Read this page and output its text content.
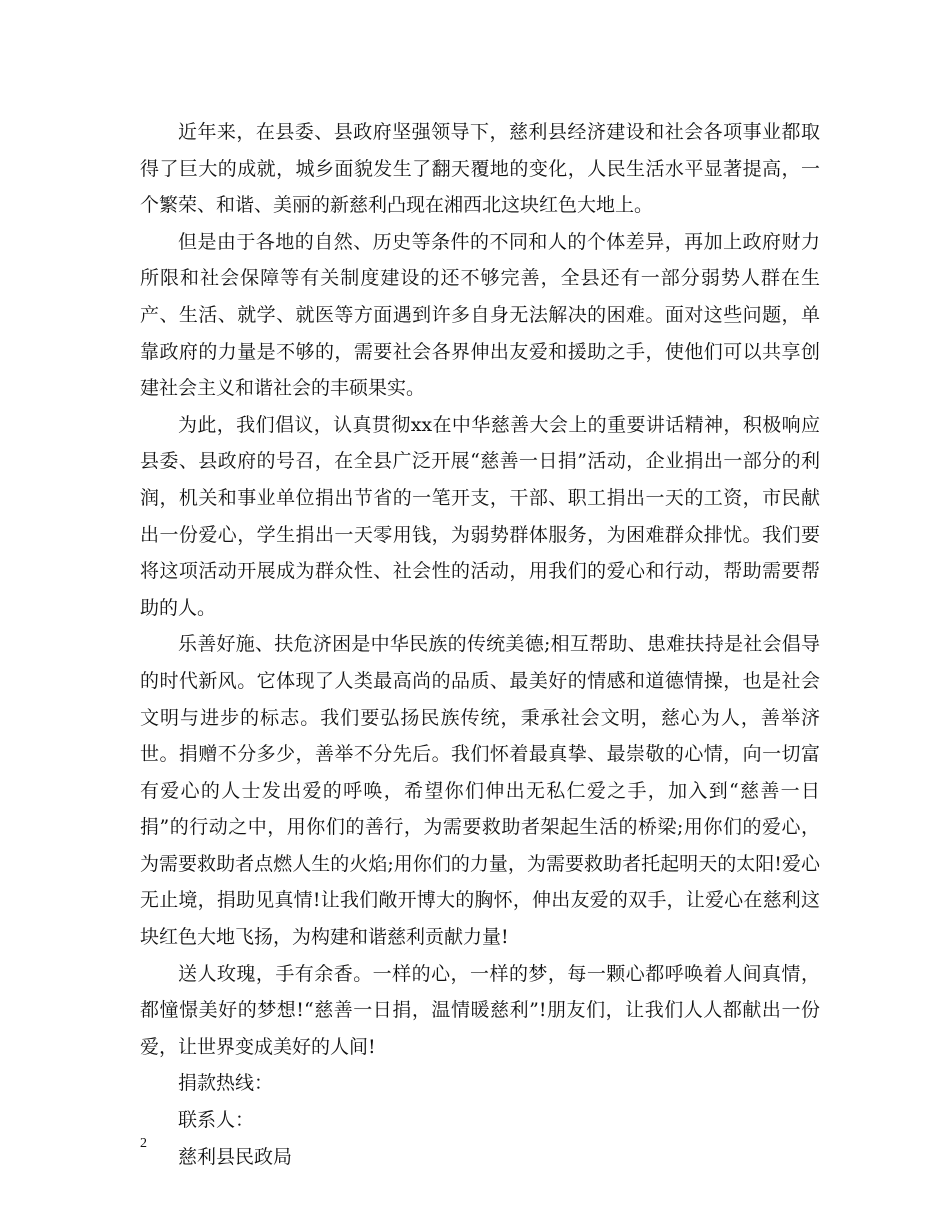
近年来，在县委、县政府坚强领导下，慈利县经济建设和社会各项事业都取得了巨大的成就，城乡面貌发生了翻天覆地的变化，人民生活水平显著提高，一个繁荣、和谐、美丽的新慈利凸现在湘西北这块红色大地上。

但是由于各地的自然、历史等条件的不同和人的个体差异，再加上政府财力所限和社会保障等有关制度建设的还不够完善，全县还有一部分弱势人群在生产、生活、就学、就医等方面遇到许多自身无法解决的困难。面对这些问题，单靠政府的力量是不够的，需要社会各界伸出友爱和援助之手，使他们可以共享创建社会主义和谐社会的丰硕果实。

为此，我们倡议，认真贯彻xx在中华慈善大会上的重要讲话精神，积极响应县委、县政府的号召，在全县广泛开展“慈善一日捐”活动，企业捐出一部分的利润，机关和事业单位捐出节省的一笔开支，干部、职工捐出一天的工资，市民献出一份爱心，学生捐出一天零用钱，为弱势群体服务，为困难群众排忧。我们要将这项活动开展成为群众性、社会性的活动，用我们的爱心和行动，帮助需要帮助的人。

乐善好施、扶危济困是中华民族的传统美德;相互帮助、患难扶持是社会倡导的时代新风。它体现了人类最高尚的品质、最美好的情感和道德情操，也是社会文明与进步的标志。我们要弘扬民族传统，秉承社会文明，慈心为人，善举济世。捐赠不分多少，善举不分先后。我们怀着最真挚、最崇敬的心情，向一切富有爱心的人士发出爱的呼唤，希望你们伸出无私仁爱之手，加入到“慈善一日捐”的行动之中，用你们的善行，为需要救助者架起生活的桥梁;用你们的爱心，为需要救助者点燃人生的火焰;用你们的力量，为需要救助者托起明天的太阳!爱心无止境，捐助见真情!让我们敞开博大的胸怀，伸出友爱的双手，让爱心在慈利这块红色大地飞扬，为构建和谐慈利贡献力量!

送人玫瑰，手有余香。一样的心，一样的梦，每一颗心都呼唤着人间真情，都憧憬美好的梦想!“慈善一日捐，温情暖慈利”!朋友们，让我们人人都献出一份爱，让世界变成美好的人间!

捐款热线：
联系人：
慈利县民政局
2
